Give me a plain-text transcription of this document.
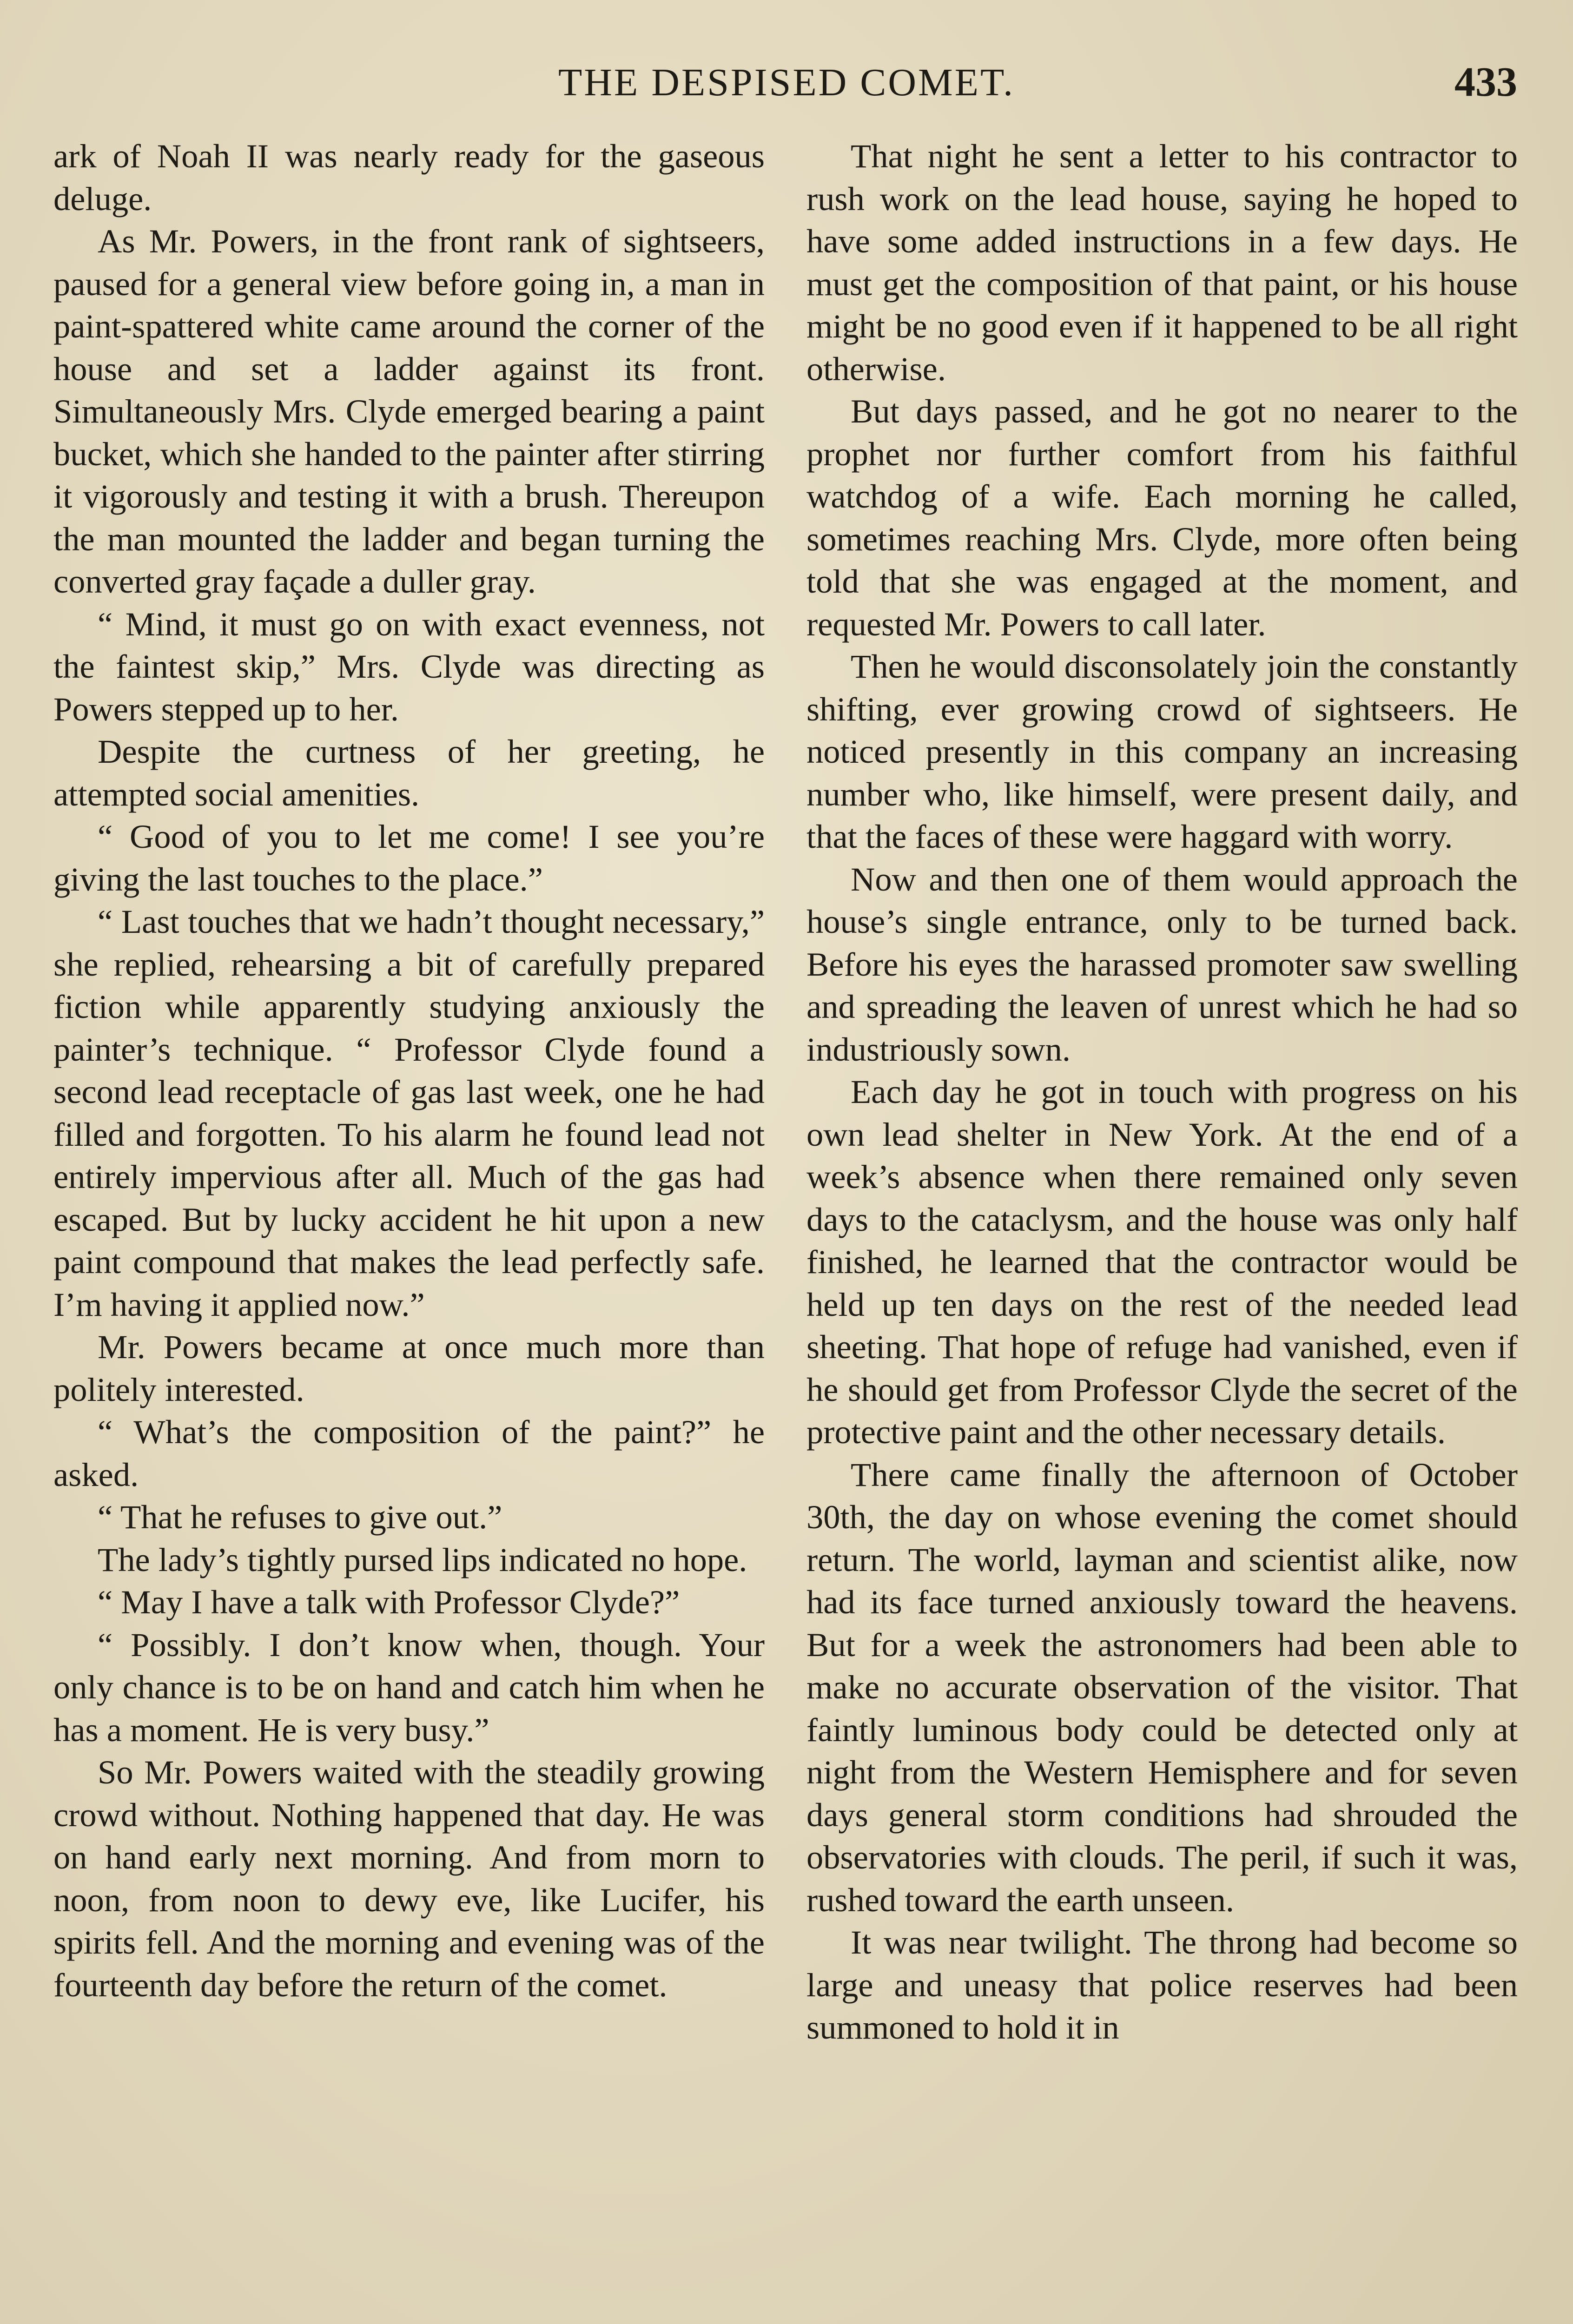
THE DESPISED COMET.	433

ark of Noah II was nearly ready for the gaseous deluge.

As Mr. Powers, in the front rank of sightseers, paused for a general view before going in, a man in paint-spattered white came around the corner of the house and set a ladder against its front. Simultaneously Mrs. Clyde emerged bearing a paint bucket, which she handed to the painter after stirring it vigorously and testing it with a brush. Thereupon the man mounted the ladder and began turning the converted gray façade a duller gray.

“ Mind, it must go on with exact evenness, not the faintest skip,” Mrs. Clyde was directing as Powers stepped up to her.

Despite the curtness of her greeting, he attempted social amenities.

“ Good of you to let me come! I see you’re giving the last touches to the place.”

“ Last touches that we hadn’t thought necessary,” she replied, rehearsing a bit of carefully prepared fiction while apparently studying anxiously the painter’s technique. “ Professor Clyde found a second lead receptacle of gas last week, one he had filled and forgotten. To his alarm he found lead not entirely impervious after all. Much of the gas had escaped. But by lucky accident he hit upon a new paint compound that makes the lead perfectly safe. I’m having it applied now.”

Mr. Powers became at once much more than politely interested.

“ What’s the composition of the paint?” he asked.

“ That he refuses to give out.”

The lady’s tightly pursed lips indicated no hope.

“ May I have a talk with Professor Clyde?”

“ Possibly. I don’t know when, though. Your only chance is to be on hand and catch him when he has a moment. He is very busy.”

So Mr. Powers waited with the steadily growing crowd without. Nothing happened that day. He was on hand early next morning. And from morn to noon, from noon to dewy eve, like Lucifer, his spirits fell. And the morning and evening was of the fourteenth day before the return of the comet.

That night he sent a letter to his contractor to rush work on the lead house, saying he hoped to have some added instructions in a few days. He must get the composition of that paint, or his house might be no good even if it happened to be all right otherwise.

But days passed, and he got no nearer to the prophet nor further comfort from his faithful watchdog of a wife. Each morning he called, sometimes reaching Mrs. Clyde, more often being told that she was engaged at the moment, and requested Mr. Powers to call later.

Then he would disconsolately join the constantly shifting, ever growing crowd of sightseers. He noticed presently in this company an increasing number who, like himself, were present daily, and that the faces of these were haggard with worry.

Now and then one of them would approach the house’s single entrance, only to be turned back. Before his eyes the harassed promoter saw swelling and spreading the leaven of unrest which he had so industriously sown.

Each day he got in touch with progress on his own lead shelter in New York. At the end of a week’s absence when there remained only seven days to the cataclysm, and the house was only half finished, he learned that the contractor would be held up ten days on the rest of the needed lead sheeting. That hope of refuge had vanished, even if he should get from Professor Clyde the secret of the protective paint and the other necessary details.

There came finally the afternoon of October 30th, the day on whose evening the comet should return. The world, layman and scientist alike, now had its face turned anxiously toward the heavens. But for a week the astronomers had been able to make no accurate observation of the visitor. That faintly luminous body could be detected only at night from the Western Hemisphere and for seven days general storm conditions had shrouded the observatories with clouds. The peril, if such it was, rushed toward the earth unseen.

It was near twilight. The throng had become so large and uneasy that police reserves had been summoned to hold it in
